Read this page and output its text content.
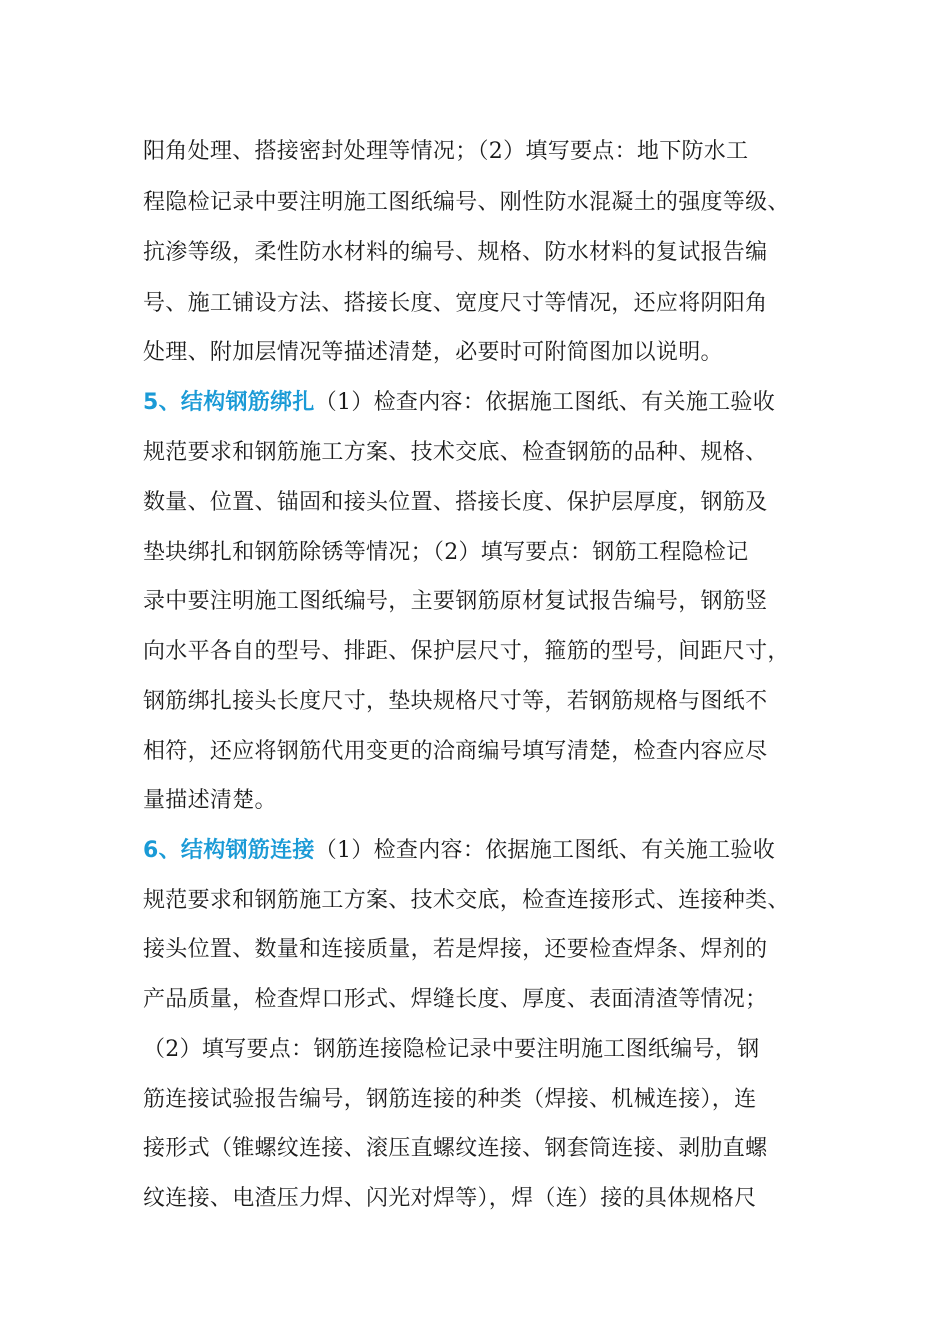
阳角处理、搭接密封处理等情况；（2）填写要点：地下防水工
程隐检记录中要注明施工图纸编号、刚性防水混凝土的强度等级、
抗渗等级，柔性防水材料的编号、规格、防水材料的复试报告编
号、施工铺设方法、搭接长度、宽度尺寸等情况，还应将阴阳角
处理、附加层情况等描述清楚，必要时可附简图加以说明。
5、结构钢筋绑扎（1）检查内容：依据施工图纸、有关施工验收
规范要求和钢筋施工方案、技术交底、检查钢筋的品种、规格、
数量、位置、锚固和接头位置、搭接长度、保护层厚度，钢筋及
垫块绑扎和钢筋除锈等情况；（2）填写要点：钢筋工程隐检记
录中要注明施工图纸编号，主要钢筋原材复试报告编号，钢筋竖
向水平各自的型号、排距、保护层尺寸，箍筋的型号，间距尺寸，
钢筋绑扎接头长度尺寸，垫块规格尺寸等，若钢筋规格与图纸不
相符，还应将钢筋代用变更的洽商编号填写清楚，检查内容应尽
量描述清楚。
6、结构钢筋连接（1）检查内容：依据施工图纸、有关施工验收
规范要求和钢筋施工方案、技术交底，检查连接形式、连接种类、
接头位置、数量和连接质量，若是焊接，还要检查焊条、焊剂的
产品质量，检查焊口形式、焊缝长度、厚度、表面清渣等情况；
（2）填写要点：钢筋连接隐检记录中要注明施工图纸编号，钢
筋连接试验报告编号，钢筋连接的种类（焊接、机械连接），连
接形式（锥螺纹连接、滚压直螺纹连接、钢套筒连接、剥肋直螺
纹连接、电渣压力焊、闪光对焊等），焊（连）接的具体规格尺
